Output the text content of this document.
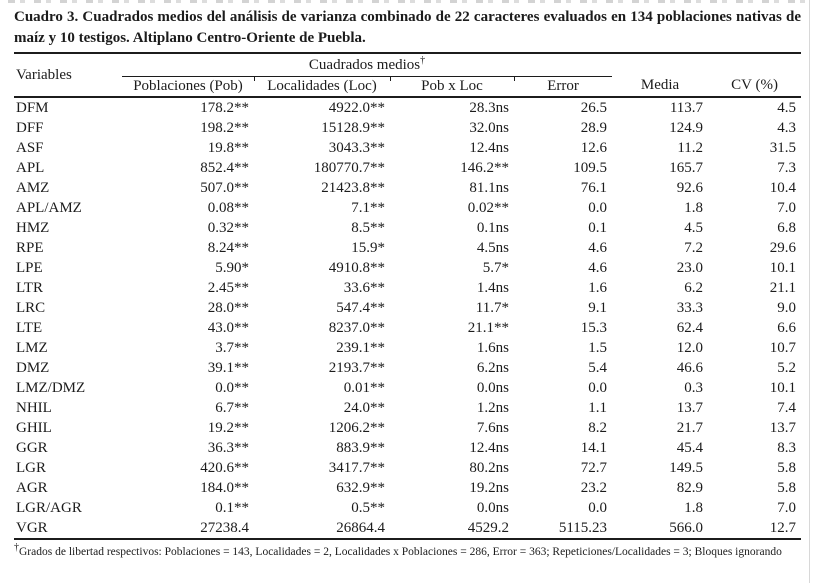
Cuadro 3. Cuadrados medios del análisis de varianza combinado de 22 caracteres evaluados en 134 poblaciones nativas de maíz y 10 testigos. Altiplano Centro-Oriente de Puebla.

Variables	Cuadrados medios†				Media	CV (%)
	Poblaciones (Pob)	Localidades (Loc)	Pob x Loc	Error		
DFM	178.2**	4922.0**	28.3ns	26.5	113.7	4.5
DFF	198.2**	15128.9**	32.0ns	28.9	124.9	4.3
ASF	19.8**	3043.3**	12.4ns	12.6	11.2	31.5
APL	852.4**	180770.7**	146.2**	109.5	165.7	7.3
AMZ	507.0**	21423.8**	81.1ns	76.1	92.6	10.4
APL/AMZ	0.08**	7.1**	0.02**	0.0	1.8	7.0
HMZ	0.32**	8.5**	0.1ns	0.1	4.5	6.8
RPE	8.24**	15.9*	4.5ns	4.6	7.2	29.6
LPE	5.90*	4910.8**	5.7*	4.6	23.0	10.1
LTR	2.45**	33.6**	1.4ns	1.6	6.2	21.1
LRC	28.0**	547.4**	11.7*	9.1	33.3	9.0
LTE	43.0**	8237.0**	21.1**	15.3	62.4	6.6
LMZ	3.7**	239.1**	1.6ns	1.5	12.0	10.7
DMZ	39.1**	2193.7**	6.2ns	5.4	46.6	5.2
LMZ/DMZ	0.0**	0.01**	0.0ns	0.0	0.3	10.1
NHIL	6.7**	24.0**	1.2ns	1.1	13.7	7.4
GHIL	19.2**	1206.2**	7.6ns	8.2	21.7	13.7
GGR	36.3**	883.9**	12.4ns	14.1	45.4	8.3
LGR	420.6**	3417.7**	80.2ns	72.7	149.5	5.8
AGR	184.0**	632.9**	19.2ns	23.2	82.9	5.8
LGR/AGR	0.1**	0.5**	0.0ns	0.0	1.8	7.0
VGR	27238.4	26864.4	4529.2	5115.23	566.0	12.7
†Grados de libertad respectivos: Poblaciones = 143, Localidades = 2, Localidades x Poblaciones = 286, Error = 363; Repeticiones/Localidades = 3; Bloques ignorando
